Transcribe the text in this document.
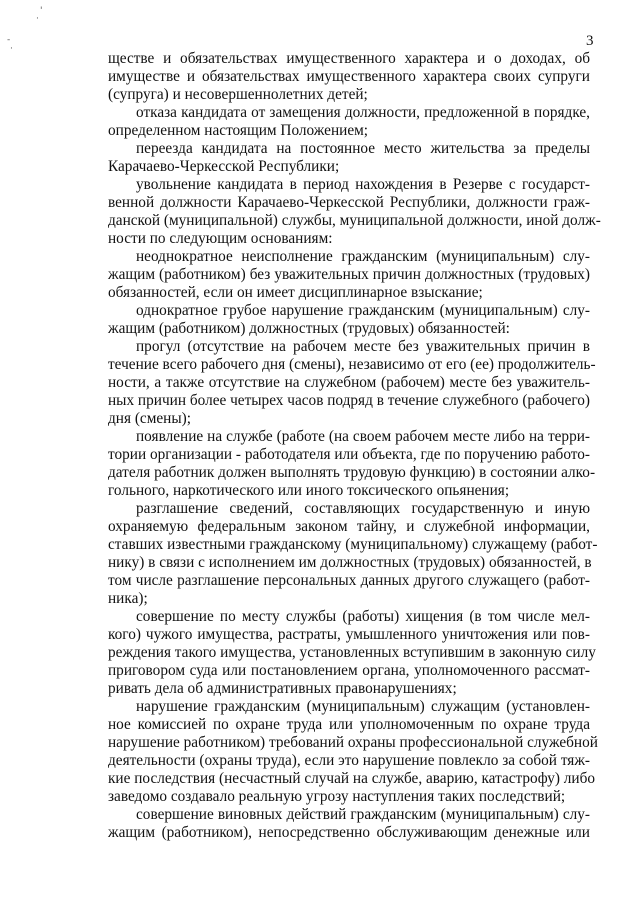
3
'
·
-
·
ществе и обязательствах имущественного характера и о доходах, об
имуществе и обязательствах имущественного характера своих супруги
(супруга) и несовершеннолетних детей;
отказа кандидата от замещения должности, предложенной в порядке,
определенном настоящим Положением;
переезда кандидата на постоянное место жительства за пределы
Карачаево-Черкесской Республики;
увольнение кандидата в период нахождения в Резерве с государст-
венной должности Карачаево-Черкесской Республики, должности граж-
данской (муниципальной) службы, муниципальной должности, иной долж-
ности по следующим основаниям:
неоднократное неисполнение гражданским (муниципальным) слу-
жащим (работником) без уважительных причин должностных (трудовых)
обязанностей, если он имеет дисциплинарное взыскание;
однократное грубое нарушение гражданским (муниципальным) слу-
жащим (работником) должностных (трудовых) обязанностей:
прогул (отсутствие на рабочем месте без уважительных причин в
течение всего рабочего дня (смены), независимо от его (ее) продолжитель-
ности, а также отсутствие на служебном (рабочем) месте без уважитель-
ных причин более четырех часов подряд в течение служебного (рабочего)
дня (смены);
появление на службе (работе (на своем рабочем месте либо на терри-
тории организации - работодателя или объекта, где по поручению работо-
дателя работник должен выполнять трудовую функцию) в состоянии алко-
гольного, наркотического или иного токсического опьянения;
разглашение сведений, составляющих государственную и иную
охраняемую федеральным законом тайну, и служебной информации,
ставших известными гражданскому (муниципальному) служащему (работ-
нику) в связи с исполнением им должностных (трудовых) обязанностей, в
том числе разглашение персональных данных другого служащего (работ-
ника);
совершение по месту службы (работы) хищения (в том числе мел-
кого) чужого имущества, растраты, умышленного уничтожения или пов-
реждения такого имущества, установленных вступившим в законную силу
приговором суда или постановлением органа, уполномоченного рассмат-
ривать дела об административных правонарушениях;
нарушение гражданским (муниципальным) служащим (установлен-
ное комиссией по охране труда или уполномоченным по охране труда
нарушение работником) требований охраны профессиональной служебной
деятельности (охраны труда), если это нарушение повлекло за собой тяж-
кие последствия (несчастный случай на службе, аварию, катастрофу) либо
заведомо создавало реальную угрозу наступления таких последствий;
совершение виновных действий гражданским (муниципальным) слу-
жащим (работником), непосредственно обслуживающим денежные или
